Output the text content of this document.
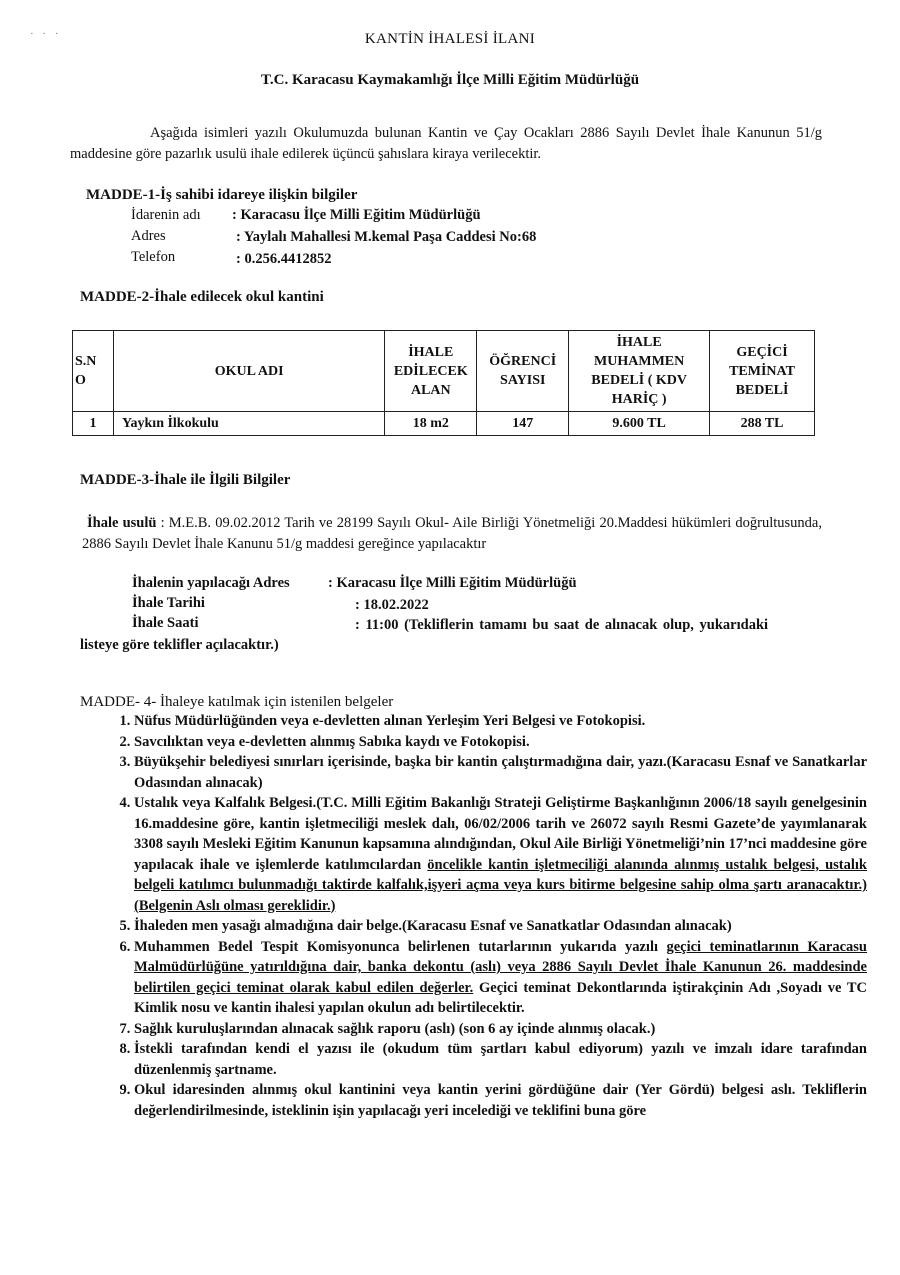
· · ·	KANTİN İHALESİ İLANI
T.C. Karacasu Kaymakamlığı İlçe Milli Eğitim Müdürlüğü
Aşağıda isimleri yazılı Okulumuzda bulunan Kantin ve Çay Ocakları 2886 Sayılı Devlet İhale Kanunun 51/g maddesine göre pazarlık usulü ihale edilerek üçüncü şahıslara kiraya verilecektir.
MADDE-1-İş sahibi idareye ilişkin bilgiler
İdarenin adı : Karacasu İlçe Milli Eğitim Müdürlüğü
Adres	: Yaylalı Mahallesi M.kemal Paşa Caddesi No:68
Telefon	: 0.256.4412852
MADDE-2-İhale edilecek okul kantini
S.N O	OKUL ADI	İHALE EDİLECEK ALAN	ÖĞRENCİ SAYISI	İHALE MUHAMMEN BEDELİ ( KDV HARİÇ )	GEÇİCİ TEMİNAT BEDELİ
1	Yaykın İlkokulu	18 m2	147	9.600 TL	288 TL
MADDE-3-İhale ile İlgili Bilgiler
İhale usulü : M.E.B. 09.02.2012 Tarih ve 28199 Sayılı Okul- Aile Birliği Yönetmeliği 20.Maddesi hükümleri doğrultusunda, 2886 Sayılı Devlet İhale Kanunu 51/g maddesi gereğince yapılacaktır
İhalenin yapılacağı Adres	: Karacasu İlçe Milli Eğitim Müdürlüğü
İhale Tarihi	: 18.02.2022
İhale Saati	: 11:00 (Tekliflerin tamamı bu saat de alınacak olup, yukarıdaki
listeye göre teklifler açılacaktır.)
MADDE- 4- İhaleye katılmak için istenilen belgeler
1. Nüfus Müdürlüğünden veya e-devletten alınan Yerleşim Yeri Belgesi ve Fotokopisi.
2. Savcılıktan veya e-devletten alınmış Sabıka kaydı ve Fotokopisi.
3. Büyükşehir belediyesi sınırları içerisinde, başka bir kantin çalıştırmadığına dair, yazı.(Karacasu Esnaf ve Sanatkarlar Odasından alınacak)
4. Ustalık veya Kalfalık Belgesi.(T.C. Milli Eğitim Bakanlığı Strateji Geliştirme Başkanlığının 2006/18 sayılı genelgesinin 16.maddesine göre, kantin işletmeciliği meslek dalı, 06/02/2006 tarih ve 26072 sayılı Resmi Gazete’de yayımlanarak 3308 sayılı Mesleki Eğitim Kanunun kapsamına alındığından, Okul Aile Birliği Yönetmeliği’nin 17’nci maddesine göre yapılacak ihale ve işlemlerde katılımcılardan öncelikle kantin işletmeciliği alanında alınmış ustalık belgesi, ustalık belgeli katılımcı bulunmadığı taktirde kalfalık,işyeri açma veya kurs bitirme belgesine sahip olma şartı aranacaktır.)(Belgenin Aslı olması gereklidir.)
5. İhaleden men yasağı almadığına dair belge.(Karacasu Esnaf ve Sanatkatlar Odasından alınacak)
6. Muhammen Bedel Tespit Komisyonunca belirlenen tutarlarının yukarıda yazılı geçici teminatlarının Karacasu Malmüdürlüğüne yatırıldığına dair, banka dekontu (aslı) veya 2886 Sayılı Devlet İhale Kanunun 26. maddesinde belirtilen geçici teminat olarak kabul edilen değerler. Geçici teminat Dekontlarında iştirakçinin Adı ,Soyadı ve TC Kimlik nosu ve kantin ihalesi yapılan okulun adı belirtilecektir.
7. Sağlık kuruluşlarından alınacak sağlık raporu (aslı) (son 6 ay içinde alınmış olacak.)
8. İstekli tarafından kendi el yazısı ile (okudum tüm şartları kabul ediyorum) yazılı ve imzalı idare tarafından düzenlenmiş şartname.
9. Okul idaresinden alınmış okul kantinini veya kantin yerini gördüğüne dair (Yer Gördü) belgesi aslı. Tekliflerin değerlendirilmesinde, isteklinin işin yapılacağı yeri incelediği ve teklifini buna göre
